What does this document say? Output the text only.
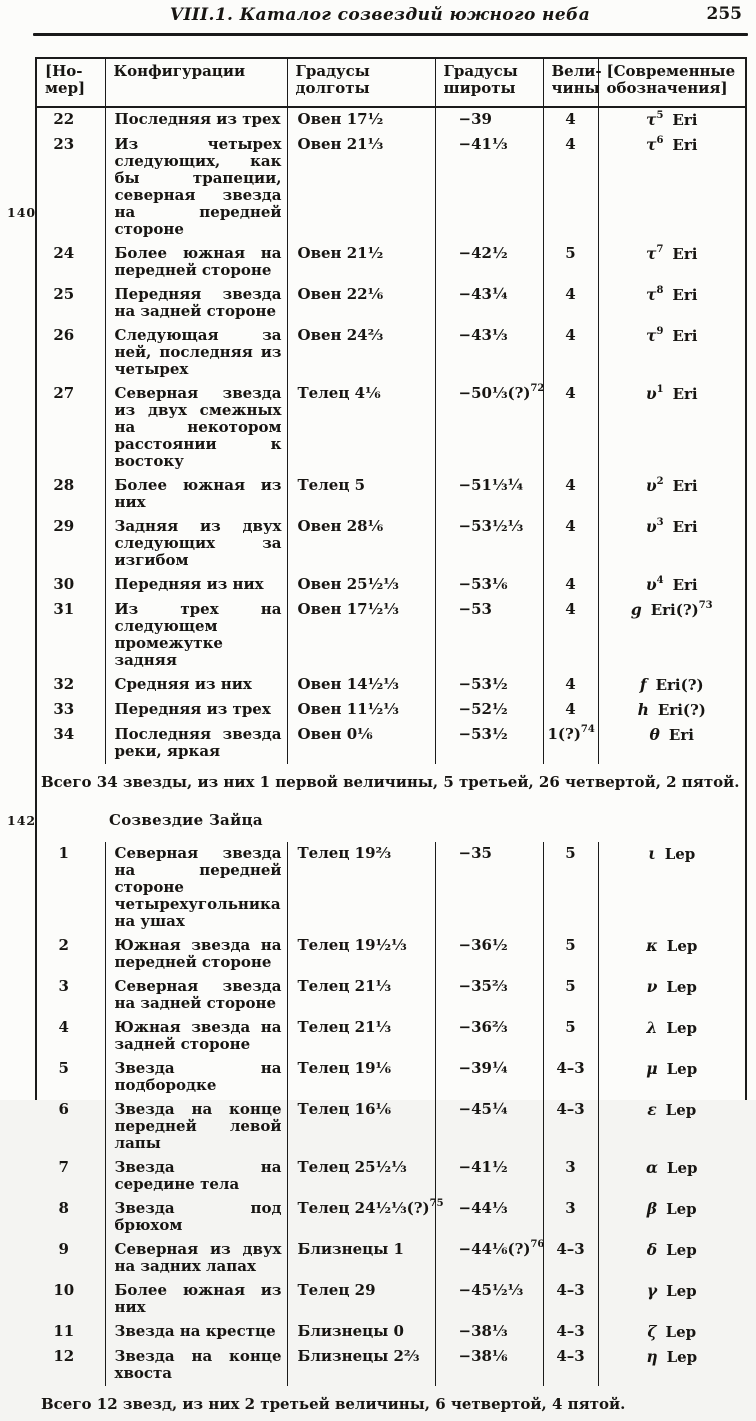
VIII.1. Каталог созвездий южного неба	255
140
142
[Но-мер]	Конфигурации	Градусы долготы	Градусы широты	Вели-чины	[Современные обозначения]
22	Последняя из трех	Овен 17½	−39	4	$\tau^5$ Eri
23	Из четырех следующих, как бы трапеции, северная звезда на передней стороне	Овен 21⅓	−41⅓	4	$\tau^6$ Eri
24	Более южная на передней стороне	Овен 21½	−42½	5	$\tau^7$ Eri
25	Передняя звезда на задней стороне	Овен 22⅙	−43¼	4	$\tau^8$ Eri
26	Следующая за ней, последняя из четырех	Овен 24⅔	−43⅓	4	$\tau^9$ Eri
27	Северная звезда из двух смежных на некотором расстоянии к востоку	Телец 4⅙	−50⅓(?)$^{72}$	4	$\upsilon^1$ Eri
28	Более южная из них	Телец 5	−51⅓¼	4	$\upsilon^2$ Eri
29	Задняя из двух следующих за изгибом	Овен 28⅙	−53½⅓	4	$\upsilon^3$ Eri
30	Передняя из них	Овен 25½⅓	−53⅙	4	$\upsilon^4$ Eri
31	Из трех на следующем промежутке задняя	Овен 17½⅓	−53	4	g Eri(?)$^{73}$
32	Средняя из них	Овен 14½⅓	−53½	4	f Eri(?)
33	Передняя из трех	Овен 11½⅓	−52½	4	h Eri(?)
34	Последняя звезда реки, яркая	Овен 0⅙	−53½	1(?)$^{74}$	θ Eri
Всего 34 звезды, из них 1 первой величины, 5 третьей, 26 четвертой, 2 пятой.					
Созвездие Зайца					
1	Северная звезда на передней стороне четырехугольника на ушах	Телец 19⅔	−35	5	ι Lep
2	Южная звезда на передней стороне	Телец 19½⅓	−36½	5	κ Lep
3	Северная звезда на задней стороне	Телец 21⅓	−35⅔	5	ν Lep
4	Южная звезда на задней стороне	Телец 21⅓	−36⅔	5	λ Lep
5	Звезда на подбородке	Телец 19⅙	−39¼	4–3	μ Lep
6	Звезда на конце передней левой лапы	Телец 16⅙	−45¼	4–3	ε Lep
7	Звезда на середине тела	Телец 25½⅓	−41½	3	α Lep
8	Звезда под брюхом	Телец 24½⅓(?)$^{75}$	−44⅓	3	β Lep
9	Северная из двух на задних лапах	Близнецы 1	−44⅙(?)$^{76}$	4–3	δ Lep
10	Более южная из них	Телец 29	−45½⅓	4–3	γ Lep
11	Звезда на крестце	Близнецы 0	−38⅓	4–3	ζ Lep
12	Звезда на конце хвоста	Близнецы 2⅔	−38⅙	4–3	η Lep
Всего 12 звезд, из них 2 третьей величины, 6 четвертой, 4 пятой.					
